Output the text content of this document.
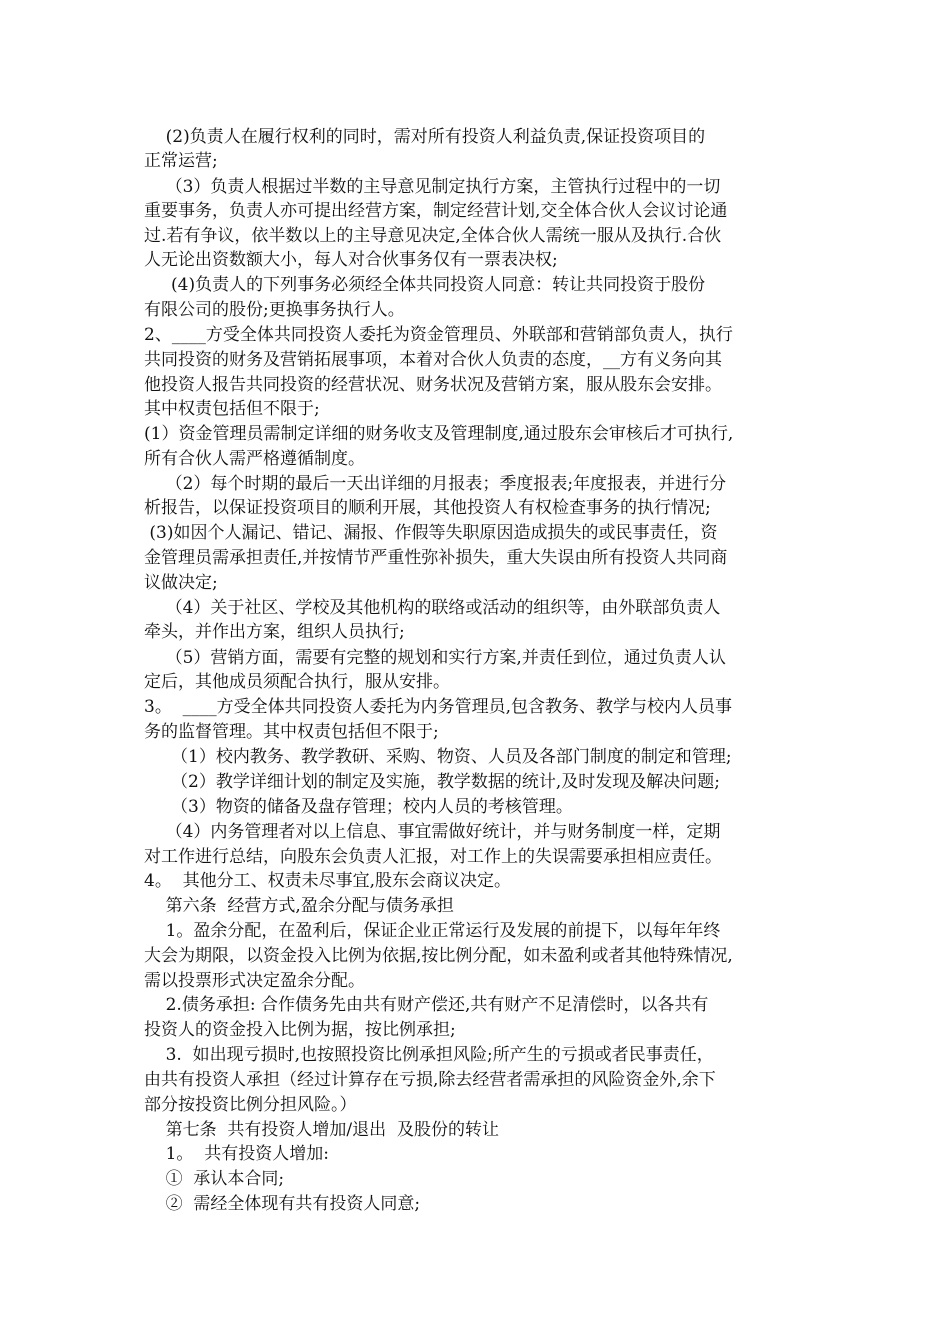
(2)负责人在履行权利的同时，需对所有投资人利益负责,保证投资项目的
正常运营;
（3）负责人根据过半数的主导意见制定执行方案，主管执行过程中的一切
重要事务，负责人亦可提出经营方案，制定经营计划,交全体合伙人会议讨论通
过.若有争议，依半数以上的主导意见决定,全体合伙人需统一服从及执行.合伙
人无论出资数额大小，每人对合伙事务仅有一票表决权;
(4)负责人的下列事务必须经全体共同投资人同意：转让共同投资于股份
有限公司的股份;更换事务执行人。
2、____方受全体共同投资人委托为资金管理员、外联部和营销部负责人，执行
共同投资的财务及营销拓展事项，本着对合伙人负责的态度，__方有义务向其
他投资人报告共同投资的经营状况、财务状况及营销方案，服从股东会安排。
其中权责包括但不限于;
(1）资金管理员需制定详细的财务收支及管理制度,通过股东会审核后才可执行,
所有合伙人需严格遵循制度。
（2）每个时期的最后一天出详细的月报表；季度报表;年度报表，并进行分
析报告，以保证投资项目的顺利开展，其他投资人有权检查事务的执行情况;
(3)如因个人漏记、错记、漏报、作假等失职原因造成损失的或民事责任，资
金管理员需承担责任,并按情节严重性弥补损失，重大失误由所有投资人共同商
议做决定;
（4）关于社区、学校及其他机构的联络或活动的组织等，由外联部负责人
牵头，并作出方案，组织人员执行;
（5）营销方面，需要有完整的规划和实行方案,并责任到位，通过负责人认
定后，其他成员须配合执行，服从安排。
3。  ____方受全体共同投资人委托为内务管理员,包含教务、教学与校内人员事
务的监督管理。其中权责包括但不限于;
（1）校内教务、教学教研、采购、物资、人员及各部门制度的制定和管理;
（2）教学详细计划的制定及实施，教学数据的统计,及时发现及解决问题;
（3）物资的储备及盘存管理；校内人员的考核管理。
（4）内务管理者对以上信息、事宜需做好统计，并与财务制度一样，定期
对工作进行总结，向股东会负责人汇报，对工作上的失误需要承担相应责任。
4。  其他分工、权责未尽事宜,股东会商议决定。
第六条  经营方式,盈余分配与债务承担
1。盈余分配，在盈利后，保证企业正常运行及发展的前提下，以每年年终
大会为期限，以资金投入比例为依据,按比例分配，如未盈利或者其他特殊情况,
需以投票形式决定盈余分配。
2.债务承担: 合作债务先由共有财产偿还,共有财产不足清偿时，以各共有
投资人的资金投入比例为据，按比例承担;
3.  如出现亏损时,也按照投资比例承担风险;所产生的亏损或者民事责任，
由共有投资人承担（经过计算存在亏损,除去经营者需承担的风险资金外,余下
部分按投资比例分担风险。）
第七条  共有投资人增加/退出  及股份的转让
1。  共有投资人增加:
①  承认本合同;
②  需经全体现有共有投资人同意;
